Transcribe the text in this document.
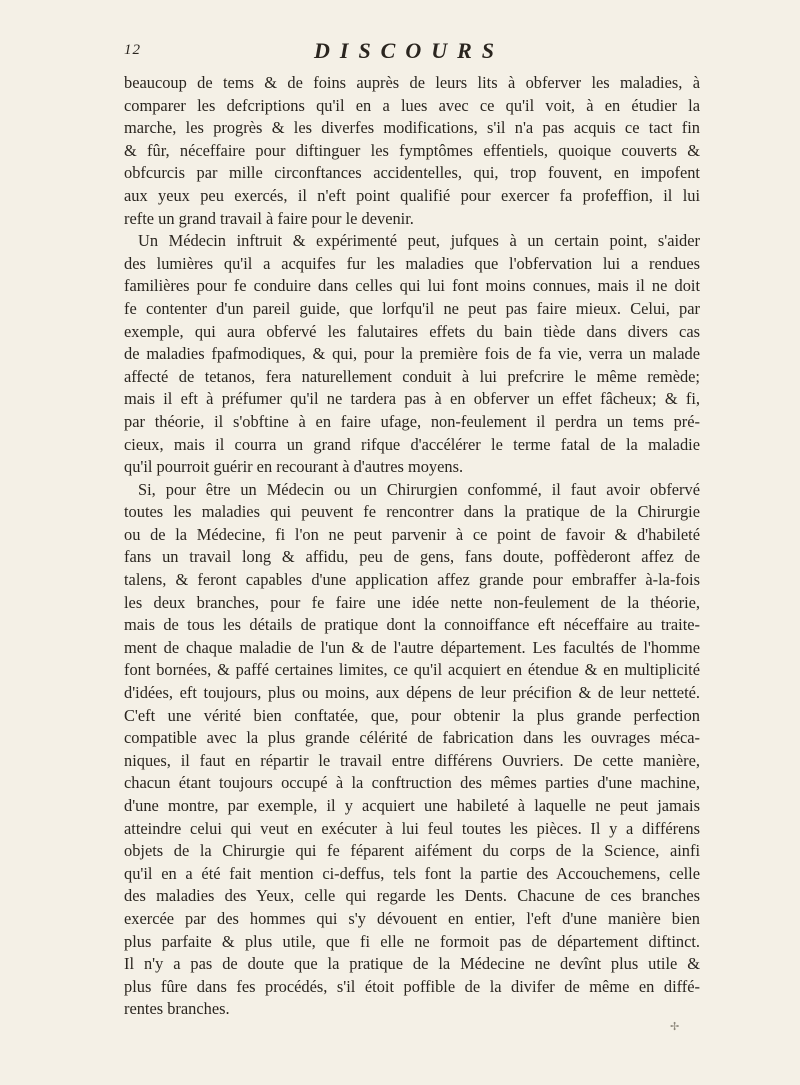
12	DISCOURS
beaucoup de tems & de foins auprès de leurs lits à obferver les maladies, à
comparer les defcriptions qu'il en a lues avec ce qu'il voit, à en étudier la
marche, les progrès & les diverfes modifications, s'il n'a pas acquis ce tact fin
& fûr, néceffaire pour diftinguer les fymptômes effentiels, quoique couverts &
obfcurcis par mille circonftances accidentelles, qui, trop fouvent, en impofent
aux yeux peu exercés, il n'eft point qualifié pour exercer fa profeffion, il lui
refte un grand travail à faire pour le devenir.
Un Médecin inftruit & expérimenté peut, jufques à un certain point, s'aider
des lumières qu'il a acquifes fur les maladies que l'obfervation lui a rendues
familières pour fe conduire dans celles qui lui font moins connues, mais il ne doit
fe contenter d'un pareil guide, que lorfqu'il ne peut pas faire mieux. Celui, par
exemple, qui aura obfervé les falutaires effets du bain tiède dans divers cas
de maladies fpafmodiques, & qui, pour la première fois de fa vie, verra un malade
affecté de tetanos, fera naturellement conduit à lui prefcrire le même remède;
mais il eft à préfumer qu'il ne tardera pas à en obferver un effet fâcheux; & fi,
par théorie, il s'obftine à en faire ufage, non-feulement il perdra un tems pré-
cieux, mais il courra un grand rifque d'accélérer le terme fatal de la maladie
qu'il pourroit guérir en recourant à d'autres moyens.
Si, pour être un Médecin ou un Chirurgien confommé, il faut avoir obfervé
toutes les maladies qui peuvent fe rencontrer dans la pratique de la Chirurgie
ou de la Médecine, fi l'on ne peut parvenir à ce point de favoir & d'habileté
fans un travail long & affidu, peu de gens, fans doute, poffèderont affez de
talens, & feront capables d'une application affez grande pour embraffer à-la-fois
les deux branches, pour fe faire une idée nette non-feulement de la théorie,
mais de tous les détails de pratique dont la connoiffance eft néceffaire au traite-
ment de chaque maladie de l'un & de l'autre département. Les facultés de l'homme
font bornées, & paffé certaines limites, ce qu'il acquiert en étendue & en multiplicité
d'idées, eft toujours, plus ou moins, aux dépens de leur précifion & de leur netteté.
C'eft une vérité bien conftatée, que, pour obtenir la plus grande perfection
compatible avec la plus grande célérité de fabrication dans les ouvrages méca-
niques, il faut en répartir le travail entre différens Ouvriers. De cette manière,
chacun étant toujours occupé à la conftruction des mêmes parties d'une machine,
d'une montre, par exemple, il y acquiert une habileté à laquelle ne peut jamais
atteindre celui qui veut en exécuter à lui feul toutes les pièces. Il y a différens
objets de la Chirurgie qui fe féparent aifément du corps de la Science, ainfi
qu'il en a été fait mention ci-deffus, tels font la partie des Accouchemens, celle
des maladies des Yeux, celle qui regarde les Dents. Chacune de ces branches
exercée par des hommes qui s'y dévouent en entier, l'eft d'une manière bien
plus parfaite & plus utile, que fi elle ne formoit pas de département diftinct.
Il n'y a pas de doute que la pratique de la Médecine ne devînt plus utile &
plus fûre dans fes procédés, s'il étoit poffible de la divifer de même en diffé-
rentes branches.
✢
